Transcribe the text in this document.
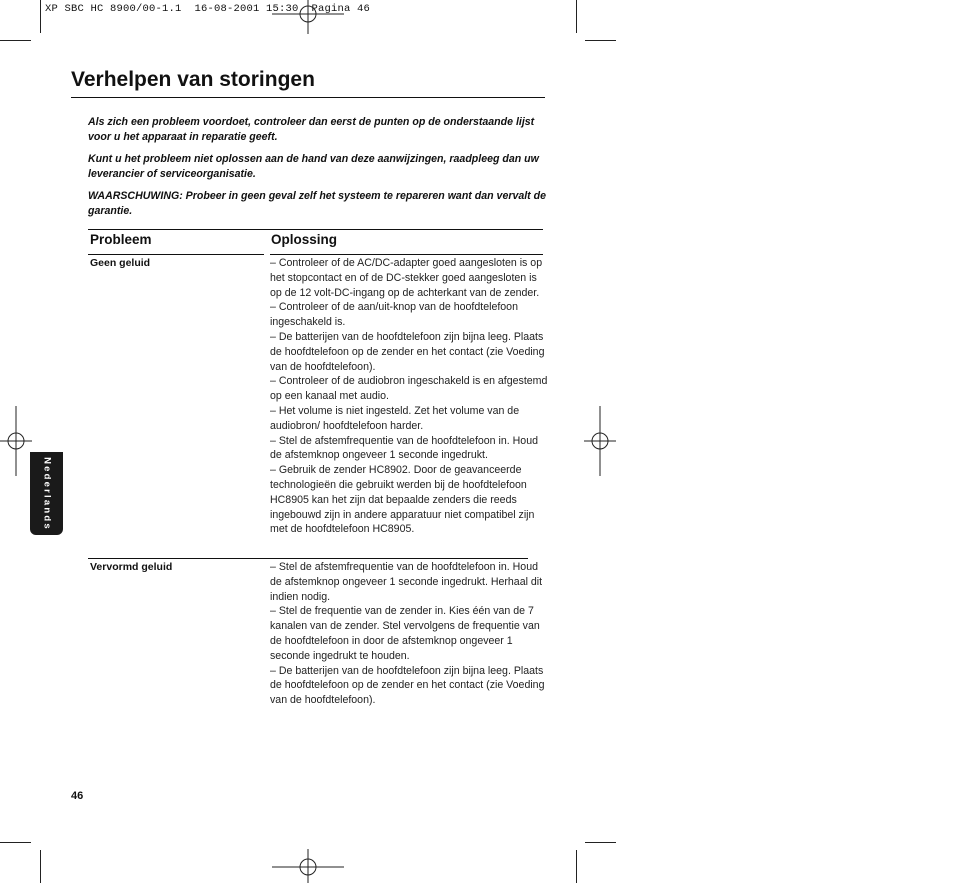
XP SBC HC 8900/00-1.1  16-08-2001 15:30  Pagina 46
Verhelpen van storingen

Als zich een probleem voordoet, controleer dan eerst de punten op de onderstaande lijst voor u het apparaat in reparatie geeft.

Kunt u het probleem niet oplossen aan de hand van deze aanwijzingen, raadpleeg dan uw leverancier of serviceorganisatie.

WAARSCHUWING: Probeer in geen geval zelf het systeem te repareren want dan vervalt de garantie.

Probleem	Oplossing
Geen geluid	– Controleer of de AC/DC-adapter goed aangesloten is op het stopcontact en of de DC-stekker goed aangesloten is op de 12 volt-DC-ingang op de achterkant van de zender.

– Controleer of de aan/uit-knop van de hoofdtelefoon ingeschakeld is.

– De batterijen van de hoofdtelefoon zijn bijna leeg. Plaats de hoofdtelefoon op de zender en het contact (zie Voeding van de hoofdtelefoon).

– Controleer of de audiobron ingeschakeld is en afgestemd op een kanaal met audio.

– Het volume is niet ingesteld. Zet het volume van de audiobron/ hoofdtelefoon harder.

– Stel de afstemfrequentie van de hoofdtelefoon in. Houd de afstemknop ongeveer 1 seconde ingedrukt.

– Gebruik de zender HC8902. Door de geavanceerde technologieën die gebruikt werden bij de hoofdtelefoon HC8905 kan het zijn dat bepaalde zenders die reeds ingebouwd zijn in andere apparatuur niet compatibel zijn met de hoofdtelefoon HC8905.

Vervormd geluid	– Stel de afstemfrequentie van de hoofdtelefoon in. Houd de afstemknop ongeveer 1 seconde ingedrukt. Herhaal dit indien nodig.

– Stel de frequentie van de zender in. Kies één van de 7 kanalen van de zender. Stel vervolgens de frequentie van de hoofdtelefoon in door de afstemknop ongeveer 1 seconde ingedrukt te houden.

– De batterijen van de hoofdtelefoon zijn bijna leeg. Plaats de hoofdtelefoon op de zender en het contact (zie Voeding van de hoofdtelefoon).

Nederlands
46
